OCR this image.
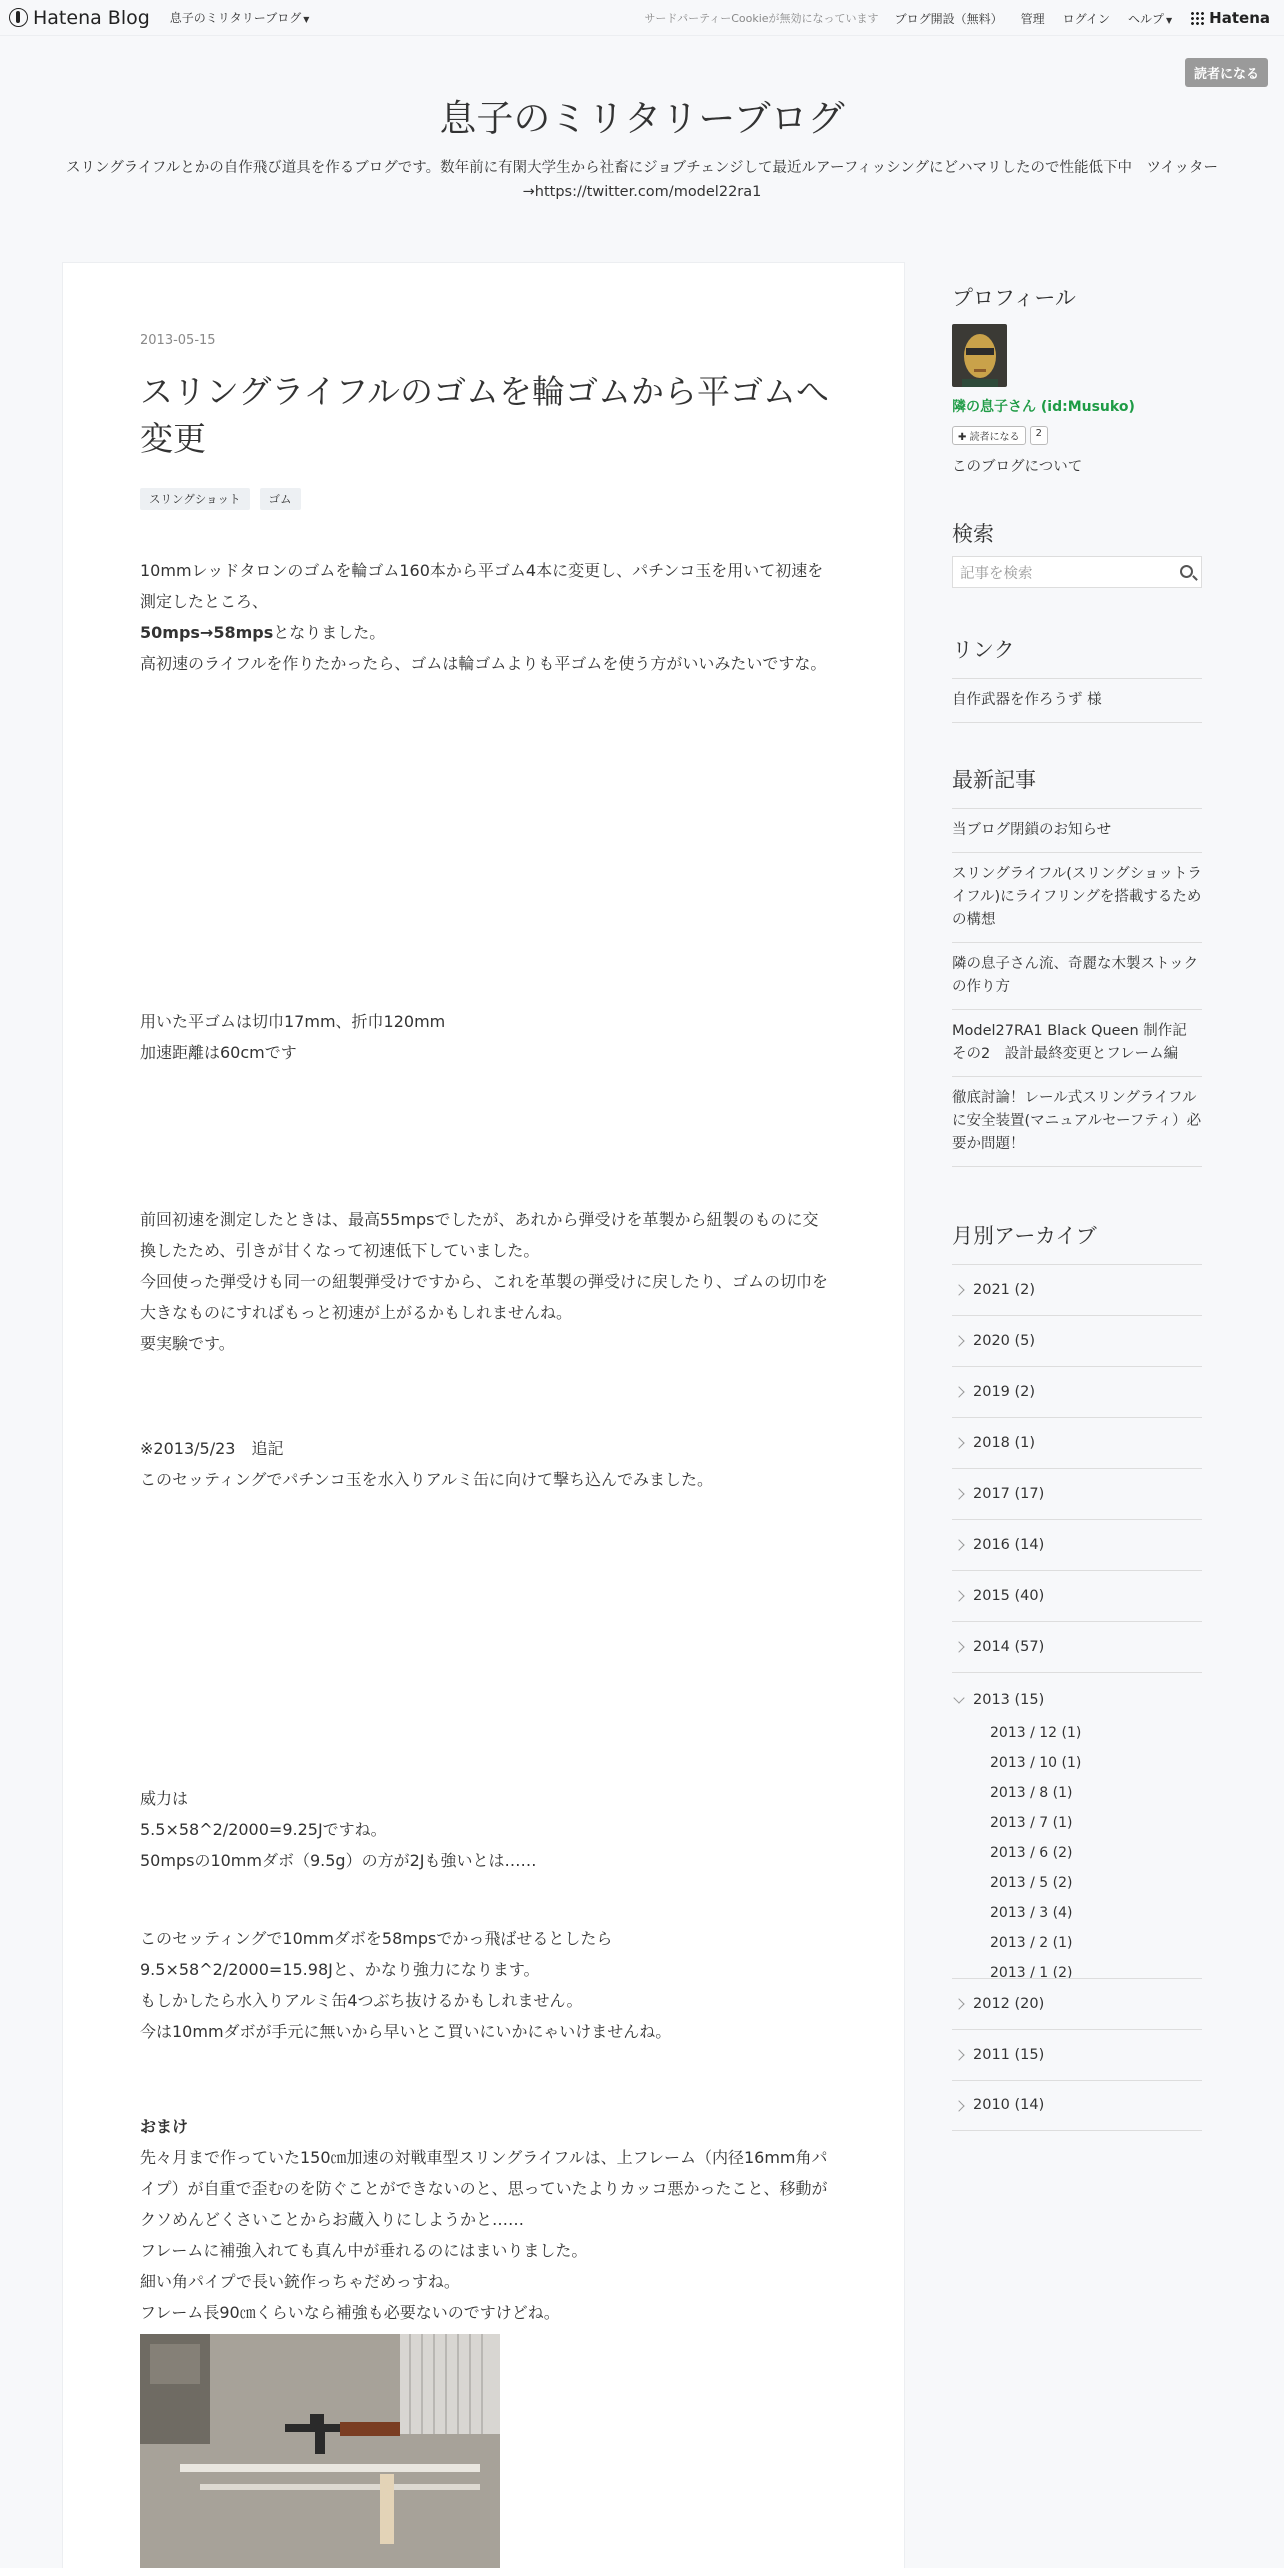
Hatena Blog 息子のミリタリーブログ ▼	サードパーティーCookieが無効になっています ブログ開設（無料） 管理 ログイン ヘルプ ▼ Hatena
読者になる
息子のミリタリーブログ
スリングライフルとかの自作飛び道具を作るブログです。数年前に有閑大学生から社畜にジョブチェンジして最近ルアーフィッシングにどハマリしたので性能低下中　ツイッター→https://twitter.com/model22ra1
2013-05-15
スリングライフルのゴムを輪ゴムから平ゴムへ変更
スリングショット	ゴム
10mmレッドタロンのゴムを輪ゴム160本から平ゴム4本に変更し、パチンコ玉を用いて初速を測定したところ、
50mps→58mpsとなりました。
高初速のライフルを作りたかったら、ゴムは輪ゴムよりも平ゴムを使う方がいいみたいですな。
用いた平ゴムは切巾17mm、折巾120mm
加速距離は60cmです
前回初速を測定したときは、最高55mpsでしたが、あれから弾受けを革製から紐製のものに交換したため、引きが甘くなって初速低下していました。
今回使った弾受けも同一の紐製弾受けですから、これを革製の弾受けに戻したり、ゴムの切巾を大きなものにすればもっと初速が上がるかもしれませんね。
要実験です。
※2013/5/23　追記
このセッティングでパチンコ玉を水入りアルミ缶に向けて撃ち込んでみました。
威力は
5.5×58^2/2000=9.25Jですね。
50mpsの10mmダボ（9.5g）の方が2Jも強いとは……
このセッティングで10mmダボを58mpsでかっ飛ばせるとしたら
9.5×58^2/2000=15.98Jと、かなり強力になります。
もしかしたら水入りアルミ缶4つぶち抜けるかもしれません。
今は10mmダボが手元に無いから早いとこ買いにいかにゃいけませんね。
おまけ
先々月まで作っていた150㎝加速の対戦車型スリングライフルは、上フレーム（内径16mm角パイプ）が自重で歪むのを防ぐことができないのと、思っていたよりカッコ悪かったこと、移動がクソめんどくさいことからお蔵入りにしようかと……
フレームに補強入れても真ん中が垂れるのにはまいりました。
細い角パイプで長い銃作っちゃだめっすね。
フレーム長90㎝くらいなら補強も必要ないのですけどね。
プロフィール
隣の息子さん (id:Musuko)
✚ 読者になる	2
このブログについて
検索
記事を検索
リンク
自作武器を作ろうず 様
最新記事
当ブログ閉鎖のお知らせ
スリングライフル(スリングショットライフル)にライフリングを搭載するための構想
隣の息子さん流、奇麗な木製ストックの作り方
Model27RA1 Black Queen 制作記 その2　設計最終変更とフレーム編
徹底討論！レール式スリングライフルに安全装置(マニュアルセーフティ）必要か問題！
月別アーカイブ
2021 (2)
2020 (5)
2019 (2)
2018 (1)
2017 (17)
2016 (14)
2015 (40)
2014 (57)
2013 (15)
2013 / 12 (1)
2013 / 10 (1)
2013 / 8 (1)
2013 / 7 (1)
2013 / 6 (2)
2013 / 5 (2)
2013 / 3 (4)
2013 / 2 (1)
2013 / 1 (2)
2012 (20)
2011 (15)
2010 (14)
